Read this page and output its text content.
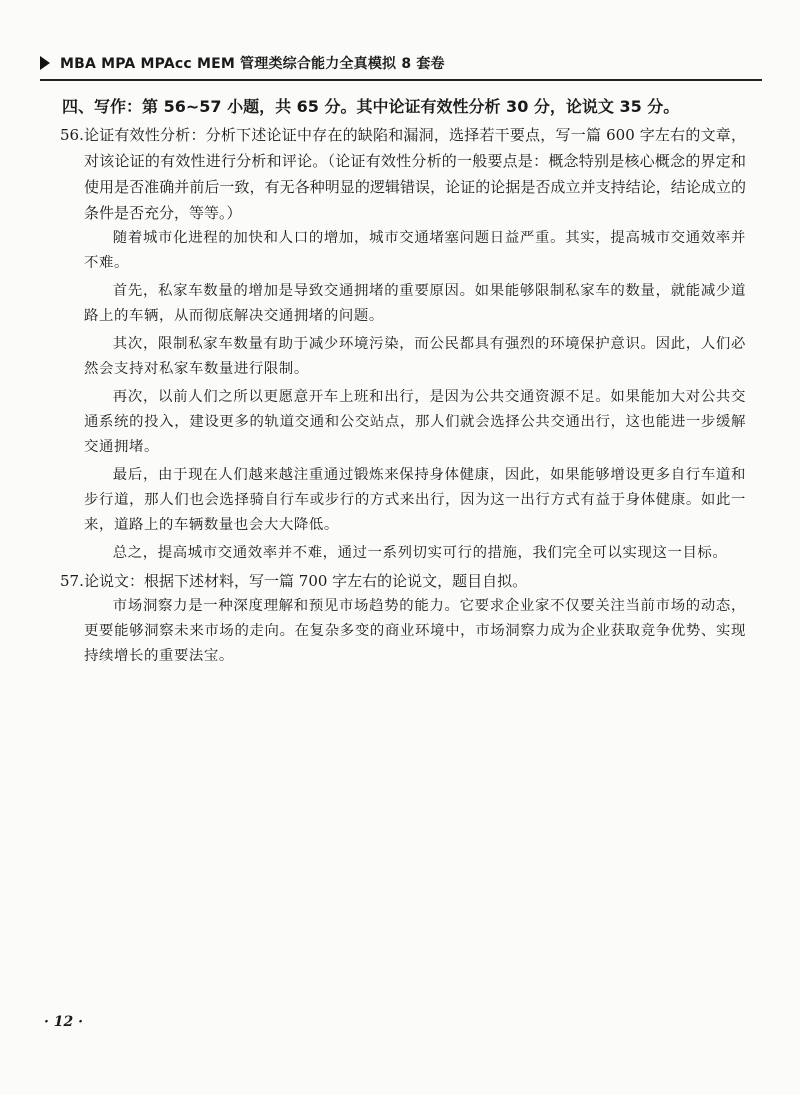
MBA MPA MPAcc MEM 管理类综合能力全真模拟 8 套卷
四、写作：第 56~57 小题，共 65 分。其中论证有效性分析 30 分，论说文 35 分。
56. 论证有效性分析：分析下述论证中存在的缺陷和漏洞，选择若干要点，写一篇 600 字左右的文章，对该论证的有效性进行分析和评论。（论证有效性分析的一般要点是：概念特别是核心概念的界定和使用是否准确并前后一致，有无各种明显的逻辑错误，论证的论据是否成立并支持结论，结论成立的条件是否充分，等等。）

随着城市化进程的加快和人口的增加，城市交通堵塞问题日益严重。其实，提高城市交通效率并不难。

首先，私家车数量的增加是导致交通拥堵的重要原因。如果能够限制私家车的数量，就能减少道路上的车辆，从而彻底解决交通拥堵的问题。

其次，限制私家车数量有助于减少环境污染，而公民都具有强烈的环境保护意识。因此，人们必然会支持对私家车数量进行限制。

再次，以前人们之所以更愿意开车上班和出行，是因为公共交通资源不足。如果能加大对公共交通系统的投入，建设更多的轨道交通和公交站点，那人们就会选择公共交通出行，这也能进一步缓解交通拥堵。

最后，由于现在人们越来越注重通过锻炼来保持身体健康，因此，如果能够增设更多自行车道和步行道，那人们也会选择骑自行车或步行的方式来出行，因为这一出行方式有益于身体健康。如此一来，道路上的车辆数量也会大大降低。

总之，提高城市交通效率并不难，通过一系列切实可行的措施，我们完全可以实现这一目标。

57. 论说文：根据下述材料，写一篇 700 字左右的论说文，题目自拟。

市场洞察力是一种深度理解和预见市场趋势的能力。它要求企业家不仅要关注当前市场的动态，更要能够洞察未来市场的走向。在复杂多变的商业环境中，市场洞察力成为企业获取竞争优势、实现持续增长的重要法宝。

· 12 ·
